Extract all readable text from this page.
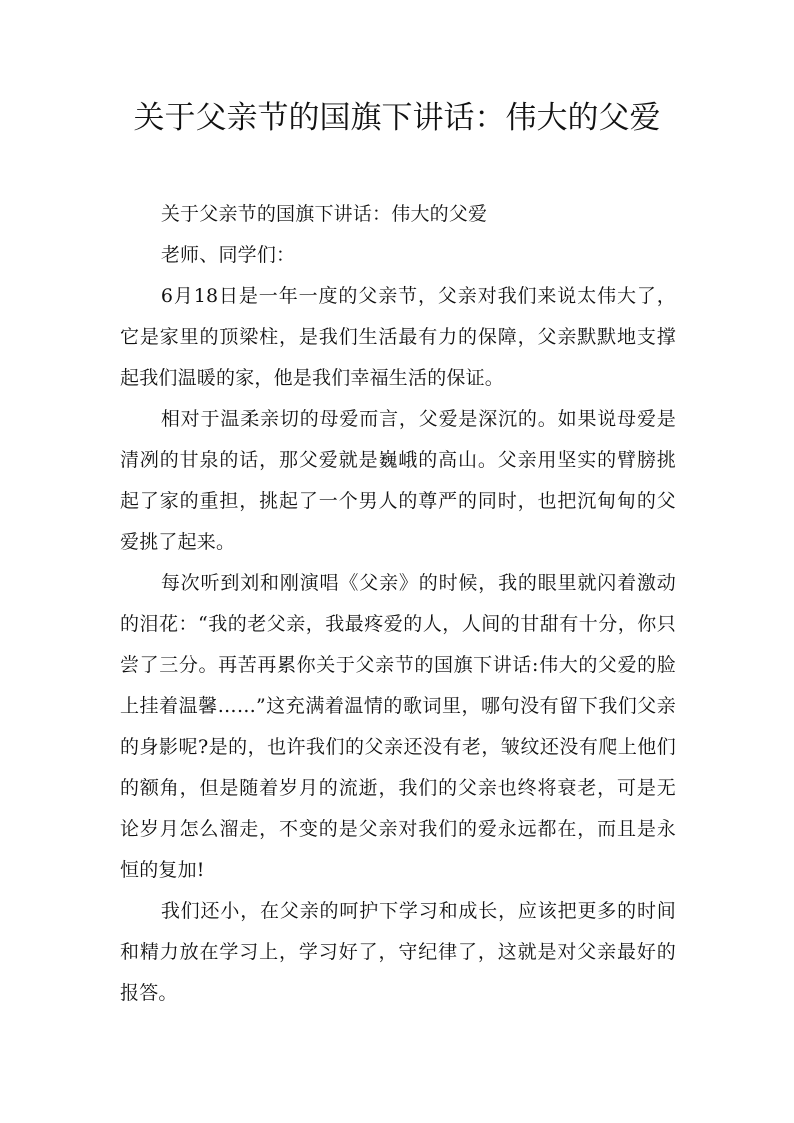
关于父亲节的国旗下讲话：伟大的父爱

关于父亲节的国旗下讲话：伟大的父爱

老师、同学们：

6月18日是一年一度的父亲节，父亲对我们来说太伟大了，它是家里的顶梁柱，是我们生活最有力的保障，父亲默默地支撑起我们温暖的家，他是我们幸福生活的保证。

相对于温柔亲切的母爱而言，父爱是深沉的。如果说母爱是清冽的甘泉的话，那父爱就是巍峨的高山。父亲用坚实的臂膀挑起了家的重担，挑起了一个男人的尊严的同时，也把沉甸甸的父爱挑了起来。

每次听到刘和刚演唱《父亲》的时候，我的眼里就闪着激动的泪花：“我的老父亲，我最疼爱的人，人间的甘甜有十分，你只尝了三分。再苦再累你关于父亲节的国旗下讲话:伟大的父爱的脸上挂着温馨……”这充满着温情的歌词里，哪句没有留下我们父亲的身影呢?是的，也许我们的父亲还没有老，皱纹还没有爬上他们的额角，但是随着岁月的流逝，我们的父亲也终将衰老，可是无论岁月怎么溜走，不变的是父亲对我们的爱永远都在，而且是永恒的复加!

我们还小，在父亲的呵护下学习和成长，应该把更多的时间和精力放在学习上，学习好了，守纪律了，这就是对父亲最好的报答。
